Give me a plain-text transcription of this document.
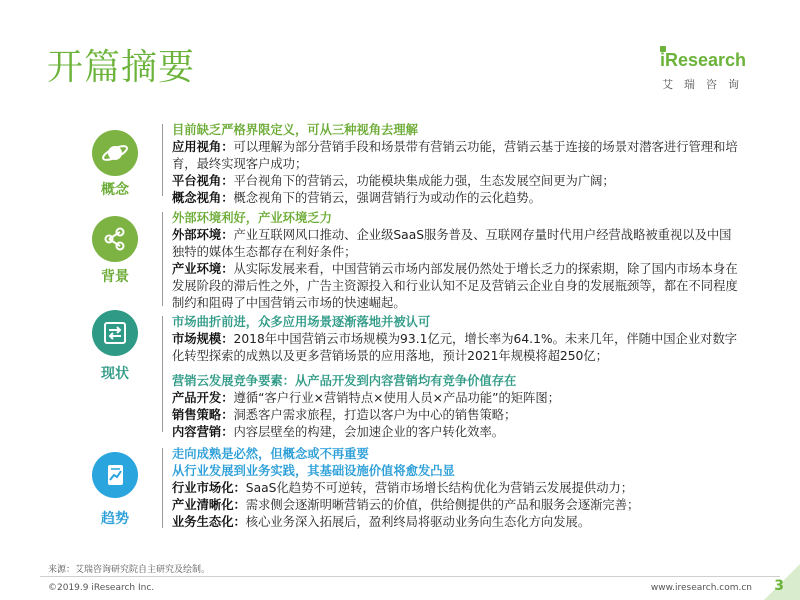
开篇摘要	iResearch
艾瑞咨询
概念

目前缺乏严格界限定义，可从三种视角去理解

应用视角：可以理解为部分营销手段和场景带有营销云功能，营销云基于连接的场景对潜客进行管理和培育，最终实现客户成功；

平台视角：平台视角下的营销云，功能模块集成能力强，生态发展空间更为广阔；

概念视角：概念视角下的营销云，强调营销行为或动作的云化趋势。

背景

外部环境利好，产业环境乏力

外部环境：产业互联网风口推动、企业级SaaS服务普及、互联网存量时代用户经营战略被重视以及中国独特的媒体生态都存在利好条件；

产业环境：从实际发展来看，中国营销云市场内部发展仍然处于增长乏力的探索期，除了国内市场本身在发展阶段的滞后性之外，广告主资源投入和行业认知不足及营销云企业自身的发展瓶颈等，都在不同程度制约和阻碍了中国营销云市场的快速崛起。

现状

市场曲折前进，众多应用场景逐渐落地并被认可

市场规模：2018年中国营销云市场规模为93.1亿元，增长率为64.1%。未来几年，伴随中国企业对数字化转型探索的成熟以及更多营销场景的应用落地，预计2021年规模将超250亿；

营销云发展竞争要素：从产品开发到内容营销均有竞争价值存在

产品开发：遵循“客户行业×营销特点×使用人员×产品功能”的矩阵图；

销售策略：洞悉客户需求旅程，打造以客户为中心的销售策略；

内容营销：内容层壁垒的构建，会加速企业的客户转化效率。

趋势

走向成熟是必然，但概念或不再重要

从行业发展到业务实践，其基础设施价值将愈发凸显

行业市场化：SaaS化趋势不可逆转，营销市场增长结构优化为营销云发展提供动力；

产业清晰化：需求侧会逐渐明晰营销云的价值，供给侧提供的产品和服务会逐渐完善；

业务生态化：核心业务深入拓展后，盈利终局将驱动业务向生态化方向发展。

来源：艾瑞咨询研究院自主研究及绘制。
©2019.9 iResearch Inc.	www.iresearch.com.cn 3
